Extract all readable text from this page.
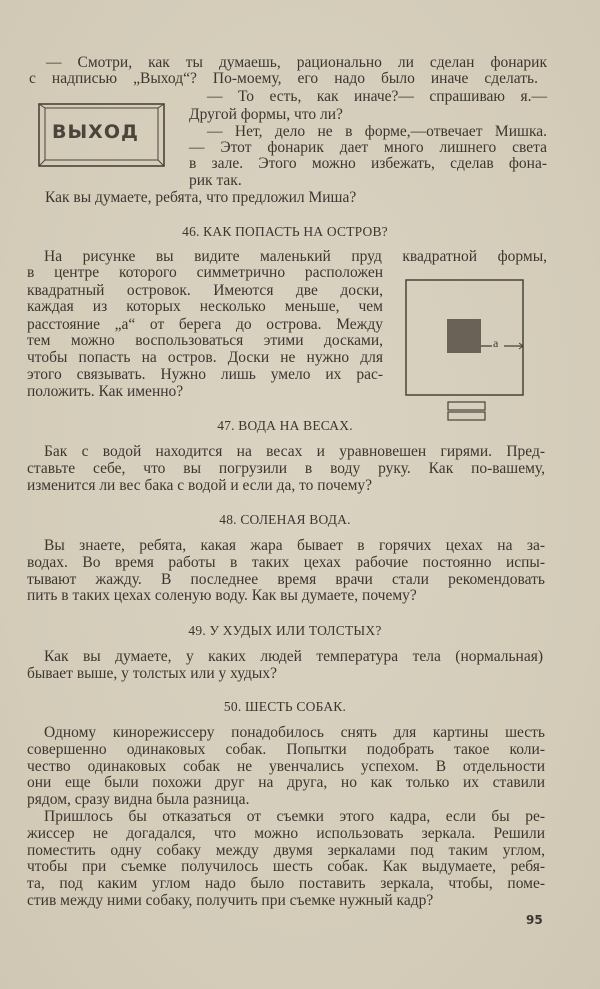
ВЫХОД
а
— Смотри, как ты думаешь, рационально ли сделан фонарик
с надписью „Выход“? По-моему, его надо было иначе сделать.
— То есть, как иначе?— спрашиваю я.—
Другой формы, что ли?
— Нет, дело не в форме,—отвечает Мишка.
— Этот фонарик дает много лишнего света
в зале. Этого можно избежать, сделав фона-
рик так.
Как вы думаете, ребята, что предложил Миша?
На рисунке вы видите маленький пруд квадратной формы,
в центре которого симметрично расположен
квадратный островок. Имеются две доски,
каждая из которых несколько меньше, чем
расстояние „а“ от берега до острова. Между
тем можно воспользоваться этими досками,
чтобы попасть на остров. Доски не нужно для
этого связывать. Нужно лишь умело их рас-
положить. Как именно?
Бак с водой находится на весах и уравновешен гирями. Пред-
ставьте себе, что вы погрузили в воду руку. Как по-вашему,
изменится ли вес бака с водой и если да, то почему?
Вы знаете, ребята, какая жара бывает в горячих цехах на за-
водах. Во время работы в таких цехах рабочие постоянно испы-
тывают жажду. В последнее время врачи стали рекомендовать
пить в таких цехах соленую воду. Как вы думаете, почему?
Как вы думаете, у каких людей температура тела (нормальная)
бывает выше, у толстых или у худых?
Одному кинорежиссеру понадобилось снять для картины шесть
совершенно одинаковых собак. Попытки подобрать такое коли-
чество одинаковых собак не увенчались успехом. В отдельности
они еще были похожи друг на друга, но как только их ставили
рядом, сразу видна была разница.
Пришлось бы отказаться от съемки этого кадра, если бы ре-
жиссер не догадался, что можно использовать зеркала. Решили
поместить одну собаку между двумя зеркалами под таким углом,
чтобы при съемке получилось шесть собак. Как выдумаете, ребя-
та, под каким углом надо было поставить зеркала, чтобы, поме-
стив между ними собаку, получить при съемке нужный кадр?
46. КАК ПОПАСТЬ НА ОСТРОВ?
47. ВОДА НА ВЕСАХ.
48. СОЛЕНАЯ ВОДА.
49. У ХУДЫХ ИЛИ ТОЛСТЫХ?
50. ШЕСТЬ СОБАК.
95
